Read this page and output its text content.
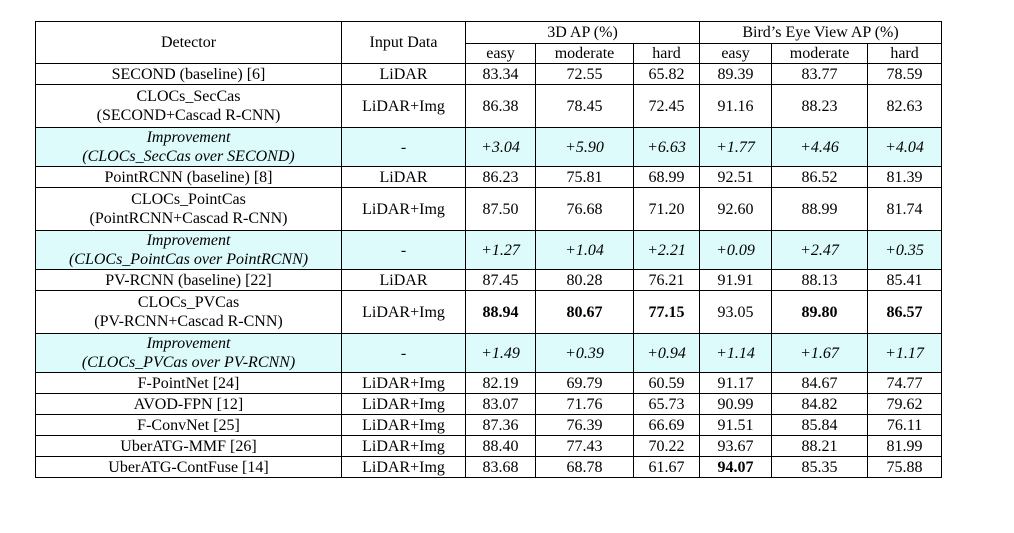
Detector	Input Data	3D AP (%)			Bird’s Eye View AP (%)		
		easy	moderate	hard	easy	moderate	hard

SECOND (baseline) [6]	LiDAR	83.34	72.55	65.82	89.39	83.77	78.59

CLOCs_SecCas
(SECOND+Cascad R-CNN)	LiDAR+Img	86.38	78.45	72.45	91.16	88.23	82.63

Improvement
(CLOCs_SecCas over SECOND)	-	+3.04	+5.90	+6.63	+1.77	+4.46	+4.04

PointRCNN (baseline) [8]	LiDAR	86.23	75.81	68.99	92.51	86.52	81.39

CLOCs_PointCas
(PointRCNN+Cascad R-CNN)	LiDAR+Img	87.50	76.68	71.20	92.60	88.99	81.74

Improvement
(CLOCs_PointCas over PointRCNN)	-	+1.27	+1.04	+2.21	+0.09	+2.47	+0.35

PV-RCNN (baseline) [22]	LiDAR	87.45	80.28	76.21	91.91	88.13	85.41

CLOCs_PVCas
(PV-RCNN+Cascad R-CNN)	LiDAR+Img	88.94	80.67	77.15	93.05	89.80	86.57

Improvement
(CLOCs_PVCas over PV-RCNN)	-	+1.49	+0.39	+0.94	+1.14	+1.67	+1.17

F-PointNet [24]	LiDAR+Img	82.19	69.79	60.59	91.17	84.67	74.77

AVOD-FPN [12]	LiDAR+Img	83.07	71.76	65.73	90.99	84.82	79.62

F-ConvNet [25]	LiDAR+Img	87.36	76.39	66.69	91.51	85.84	76.11

UberATG-MMF [26]	LiDAR+Img	88.40	77.43	70.22	93.67	88.21	81.99

UberATG-ContFuse [14]	LiDAR+Img	83.68	68.78	61.67	94.07	85.35	75.88
